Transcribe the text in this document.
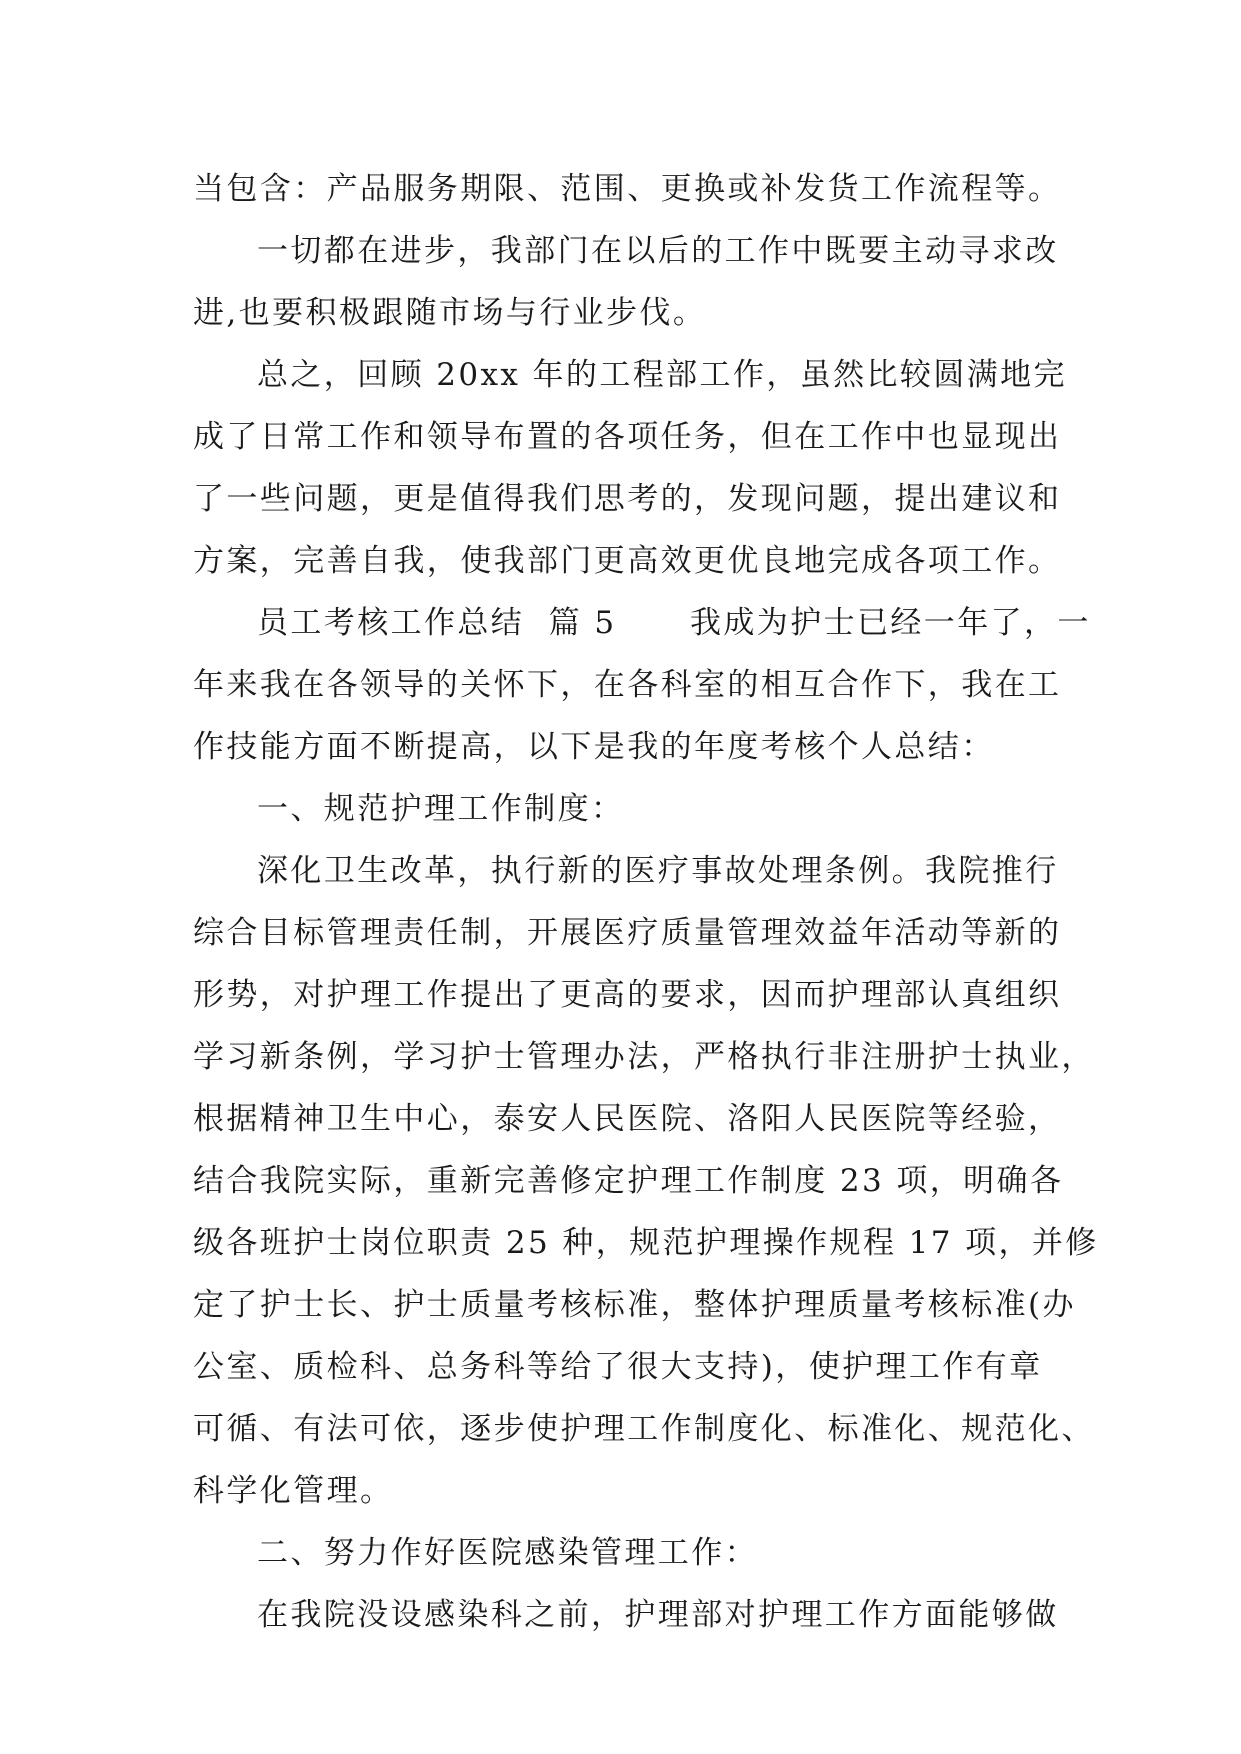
当包含：产品服务期限、范围、更换或补发货工作流程等。
一切都在进步，我部门在以后的工作中既要主动寻求改
进,也要积极跟随市场与行业步伐。
总之，回顾 20xx 年的工程部工作，虽然比较圆满地完
成了日常工作和领导布置的各项任务，但在工作中也显现出
了一些问题，更是值得我们思考的，发现问题，提出建议和
方案，完善自我，使我部门更高效更优良地完成各项工作。
员工考核工作总结  篇 5      我成为护士已经一年了，一
年来我在各领导的关怀下，在各科室的相互合作下，我在工
作技能方面不断提高，以下是我的年度考核个人总结：
一、规范护理工作制度：
深化卫生改革，执行新的医疗事故处理条例。我院推行
综合目标管理责任制，开展医疗质量管理效益年活动等新的
形势，对护理工作提出了更高的要求，因而护理部认真组织
学习新条例，学习护士管理办法，严格执行非注册护士执业，
根据精神卫生中心，泰安人民医院、洛阳人民医院等经验，
结合我院实际，重新完善修定护理工作制度 23 项，明确各
级各班护士岗位职责 25 种，规范护理操作规程 17 项，并修
定了护士长、护士质量考核标准，整体护理质量考核标准(办
公室、质检科、总务科等给了很大支持)，使护理工作有章
可循、有法可依，逐步使护理工作制度化、标准化、规范化、
科学化管理。
二、努力作好医院感染管理工作：
在我院没设感染科之前，护理部对护理工作方面能够做
